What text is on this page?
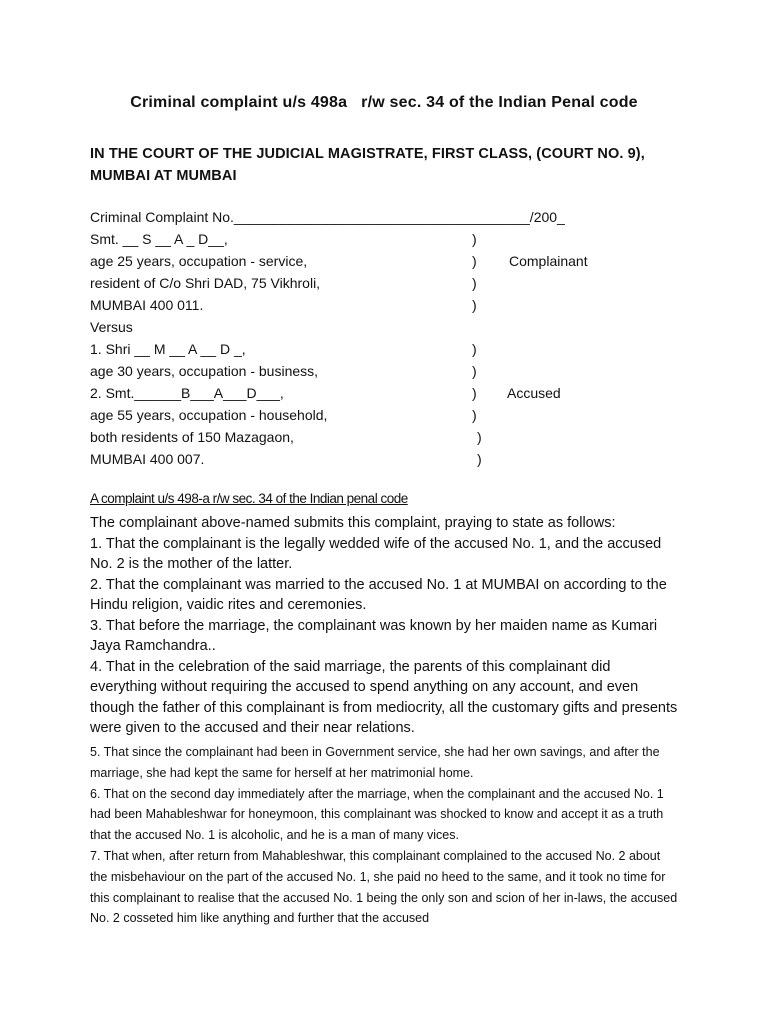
Criminal complaint u/s 498a   r/w sec. 34 of the Indian Penal code
IN THE COURT OF THE JUDICIAL MAGISTRATE, FIRST CLASS, (COURT NO. 9), MUMBAI AT MUMBAI
Criminal Complaint No.______________________________________/200_
Smt. __ S __ A _ D__,
age 25 years, occupation - service,
resident of C/o Shri DAD, 75 Vikhroli,
MUMBAI 400 011.
)
)
)
)
Complainant
Versus
1. Shri __ M __ A __ D _,
age 30 years, occupation - business,
2. Smt.______B___A___D___,
age 55 years, occupation - household,
both residents of 150 Mazagaon,
MUMBAI 400 007.
)
)
)
)
)
)
Accused
A complaint u/s 498-a r/w sec. 34 of the Indian penal code

The complainant above-named submits this complaint, praying to state as follows:

1. That the complainant is the legally wedded wife of the accused No. 1, and the accused No. 2 is the mother of the latter.

2. That the complainant was married to the accused No. 1 at MUMBAI on according to the Hindu religion, vaidic rites and ceremonies.

3. That before the marriage, the complainant was known by her maiden name as Kumari Jaya Ramchandra..

4. That in the celebration of the said marriage, the parents of this complainant did everything without requiring the accused to spend anything on any account, and even though the father of this complainant is from mediocrity, all the customary gifts and presents were given to the accused and their near relations.

5. That since the complainant had been in Government service, she had her own savings, and after the marriage, she had kept the same for herself at her matrimonial home.

6. That on the second day immediately after the marriage, when the complainant and the accused No. 1 had been Mahableshwar for honeymoon, this complainant was shocked to know and accept it as a truth that the accused No. 1 is alcoholic, and he is a man of many vices.

7. That when, after return from Mahableshwar, this complainant complained to the accused No. 2 about the misbehaviour on the part of the accused No. 1, she paid no heed to the same, and it took no time for this complainant to realise that the accused No. 1 being the only son and scion of her in-laws, the accused No. 2 cosseted him like anything and further that the accused
